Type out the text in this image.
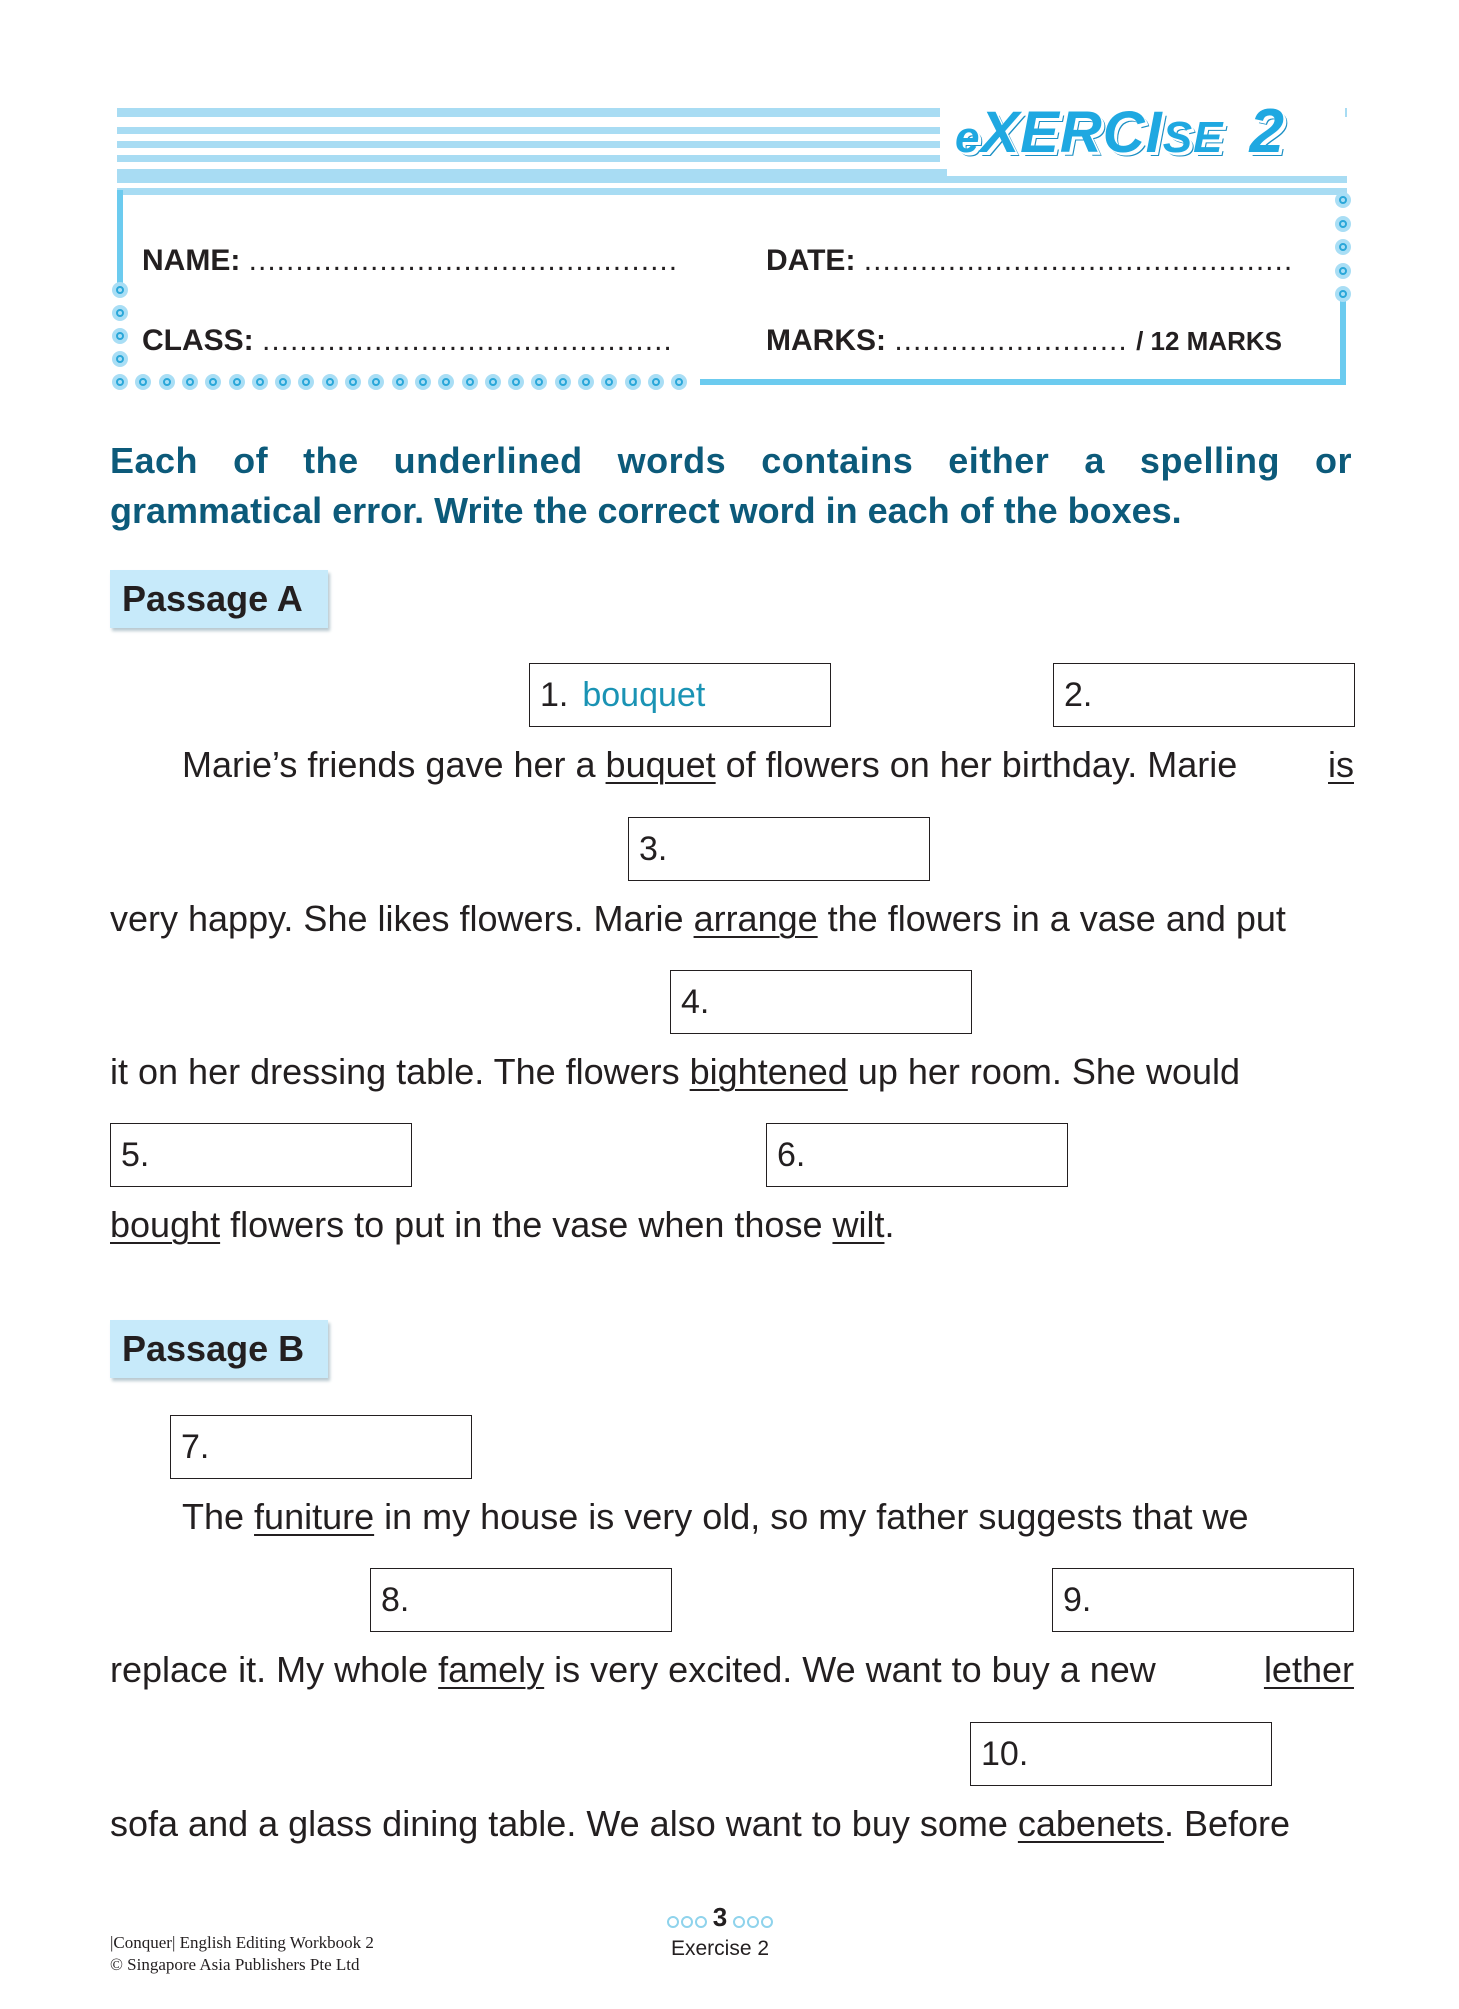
eXERCISE 2
NAME: ..............................................	DATE: ..............................................
CLASS: ............................................	MARKS: ......................... / 12 MARKS
Each of the underlined words contains either a spelling or
grammatical error. Write the correct word in each of the boxes.
Passage A
1. bouquet	2.
Marie’s friends gave her a buquet of flowers on her birthday. Marie	is
3.
very happy. She likes flowers. Marie arrange the flowers in a vase and put
4.
it on her dressing table. The flowers bightened up her room. She would
5.	6.
bought flowers to put in the vase when those wilt.
Passage B
7.
The funiture in my house is very old, so my father suggests that we
8.	9.
replace it. My whole famely is very excited. We want to buy a new	lether
10.
sofa and a glass dining table. We also want to buy some cabenets. Before
|Conquer| English Editing Workbook 2
© Singapore Asia Publishers Pte Ltd
3
Exercise 2
